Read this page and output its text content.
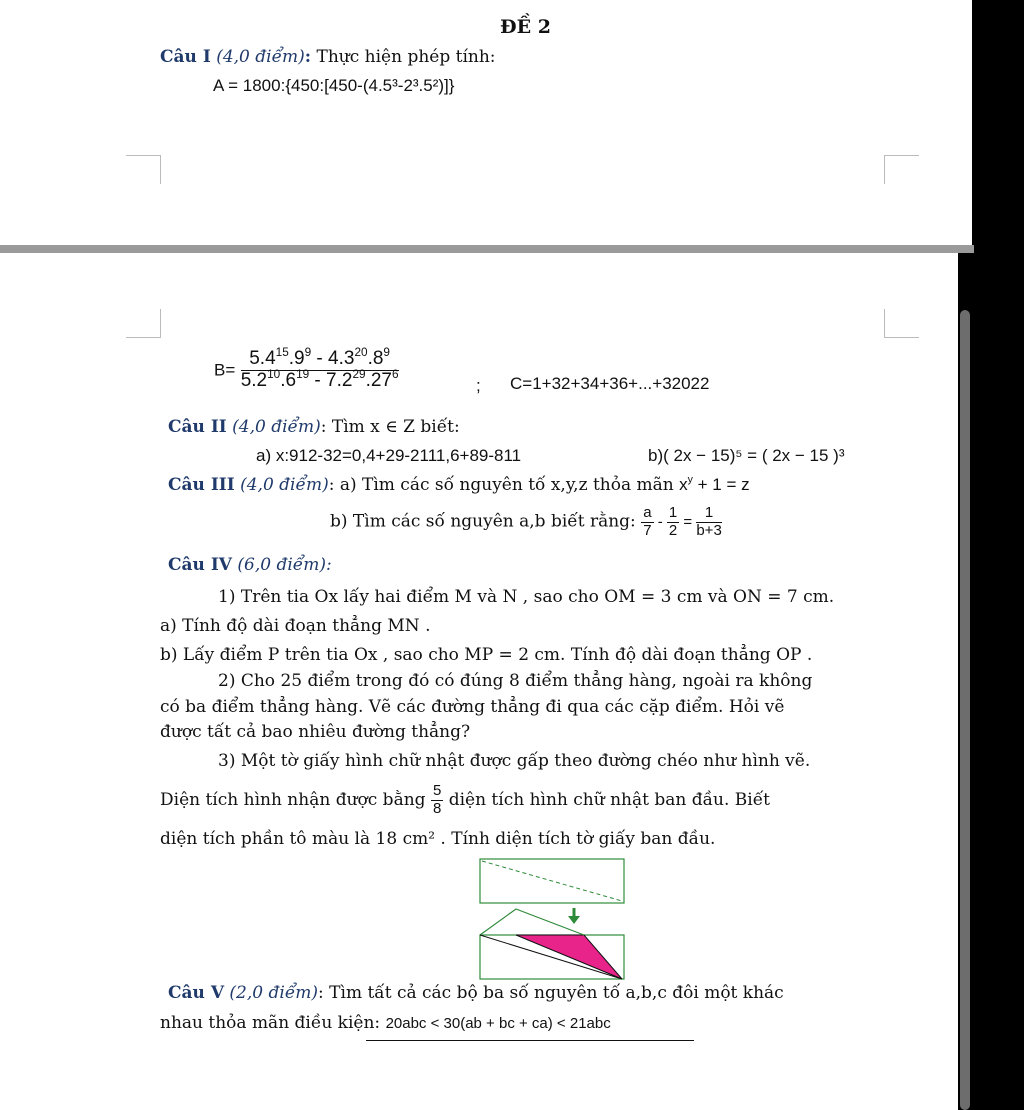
ĐỀ 2
Câu I (4,0 điểm): Thực hiện phép tính:
A = 1800:{450:[450-(4.5³-2³.5²)]}
$B= \frac{5.4^{15}.9^9 - 4.3^{20}.8^9}{5.2^{10}.6^{19} - 7.2^{29}.27^6}$	; C=1+32+34+36+...+32022
Câu II (4,0 điểm): Tìm x ∈ Z biết:
a) x:912-32=0,4+29-2111,6+89-811	b)( 2x − 15)⁵ = ( 2x − 15 )³
Câu III (4,0 điểm): a) Tìm các số nguyên tố x,y,z thỏa mãn $x^y + 1 = z$
b) Tìm các số nguyên a,b biết rằng: $\frac{a}{7} - \frac{1}{2} = \frac{1}{b+3}$
Câu IV (6,0 điểm):
1) Trên tia Ox lấy hai điểm M và N , sao cho OM = 3 cm và ON = 7 cm.
a) Tính độ dài đoạn thẳng MN .
b) Lấy điểm P trên tia Ox , sao cho MP = 2 cm. Tính độ dài đoạn thẳng OP .
2) Cho 25 điểm trong đó có đúng 8 điểm thẳng hàng, ngoài ra không
có ba điểm thẳng hàng. Vẽ các đường thẳng đi qua các cặp điểm. Hỏi vẽ
được tất cả bao nhiêu đường thẳng?
3) Một tờ giấy hình chữ nhật được gấp theo đường chéo như hình vẽ.
Diện tích hình nhận được bằng $\frac{5}{8}$ diện tích hình chữ nhật ban đầu. Biết
diện tích phần tô màu là 18 cm² . Tính diện tích tờ giấy ban đầu.
Câu V (2,0 điểm): Tìm tất cả các bộ ba số nguyên tố a,b,c đôi một khác
nhau thỏa mãn điều kiện: 20abc < 30(ab + bc + ca) < 21abc
